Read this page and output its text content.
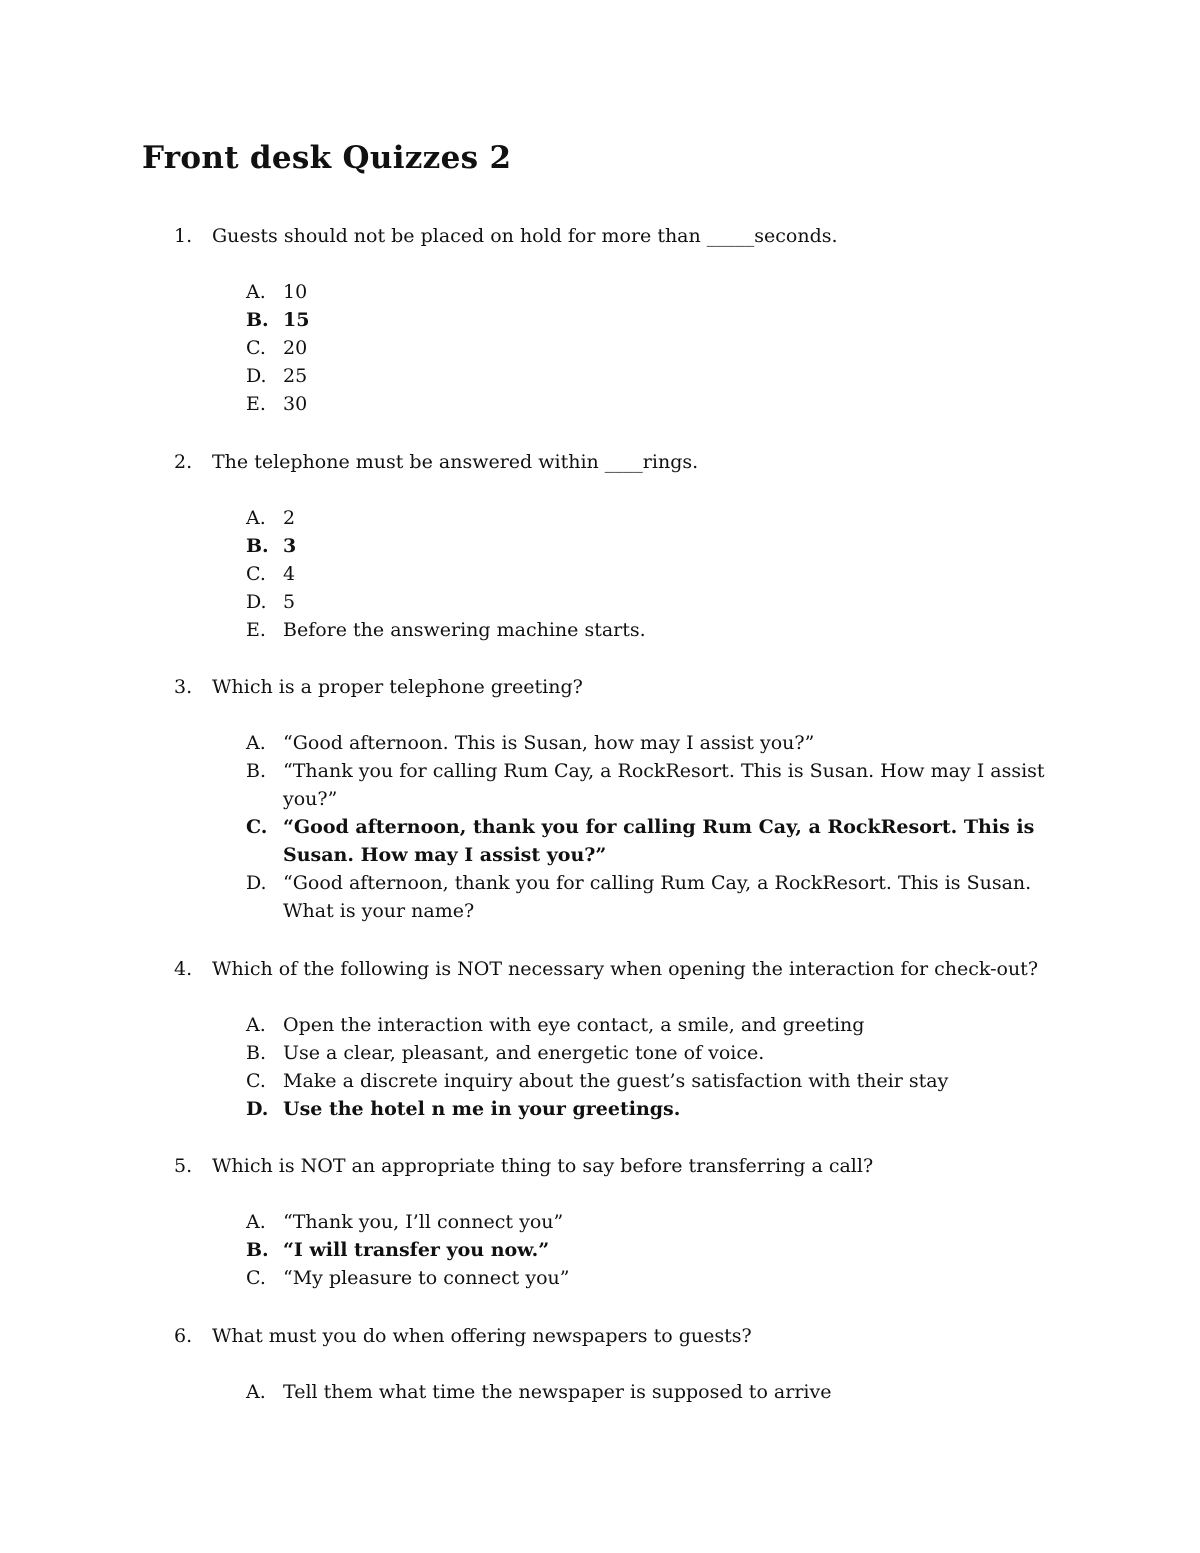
Front desk Quizzes 2
1. Guests should not be placed on hold for more than _____seconds.
A. 10
B. 15
C. 20
D. 25
E. 30
2. The telephone must be answered within ____rings.
A. 2
B. 3
C. 4
D. 5
E. Before the answering machine starts.
3. Which is a proper telephone greeting?
A. “Good afternoon. This is Susan, how may I assist you?”
B. “Thank you for calling Rum Cay, a RockResort. This is Susan. How may I assist you?”
C. “Good afternoon, thank you for calling Rum Cay, a RockResort. This is Susan. How may I assist you?”
D. “Good afternoon, thank you for calling Rum Cay, a RockResort. This is Susan. What is your name?
4. Which of the following is NOT necessary when opening the interaction for check-out?
A. Open the interaction with eye contact, a smile, and greeting
B. Use a clear, pleasant, and energetic tone of voice.
C. Make a discrete inquiry about the guest’s satisfaction with their stay
D. Use the hotel n me in your greetings.
5. Which is NOT an appropriate thing to say before transferring a call?
A. “Thank you, I’ll connect you”
B. “I will transfer you now.”
C. “My pleasure to connect you”
6. What must you do when offering newspapers to guests?
A. Tell them what time the newspaper is supposed to arrive
